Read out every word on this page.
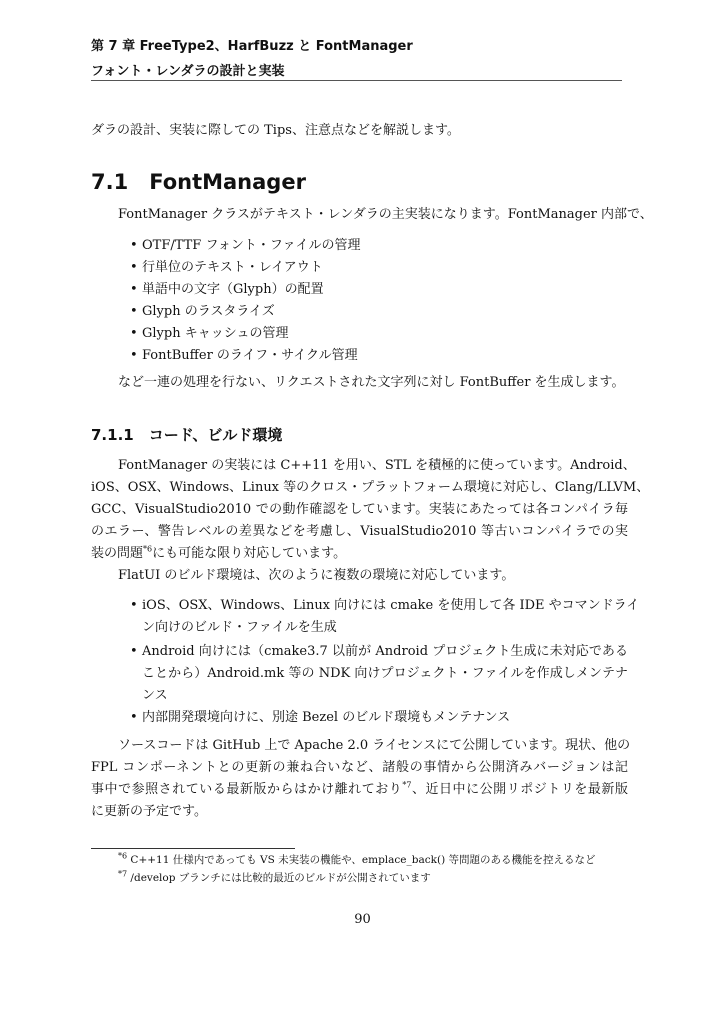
第 7 章 FreeType2、HarfBuzz と FontManager
フォント・レンダラの設計と実装
ダラの設計、実装に際しての Tips、注意点などを解説します。
7.1　FontManager
FontManager クラスがテキスト・レンダラの主実装になります。FontManager 内部で、
• OTF/TTF フォント・ファイルの管理
• 行単位のテキスト・レイアウト
• 単語中の文字（Glyph）の配置
• Glyph のラスタライズ
• Glyph キャッシュの管理
• FontBuffer のライフ・サイクル管理
など一連の処理を行ない、リクエストされた文字列に対し FontBuffer を生成します。
7.1.1　コード、ビルド環境
FontManager の実装には C++11 を用い、STL を積極的に使っています。Android、
iOS、OSX、Windows、Linux 等のクロス・プラットフォーム環境に対応し、Clang/LLVM、
GCC、VisualStudio2010 での動作確認をしています。実装にあたっては各コンパイラ毎
のエラー、警告レベルの差異などを考慮し、VisualStudio2010 等古いコンパイラでの実
装の問題$^{*6}$にも可能な限り対応しています。
FlatUI のビルド環境は、次のように複数の環境に対応しています。
• iOS、OSX、Windows、Linux 向けには cmake を使用して各 IDE やコマンドライ
ン向けのビルド・ファイルを生成
• Android 向けには（cmake3.7 以前が Android プロジェクト生成に未対応である
ことから）Android.mk 等の NDK 向けプロジェクト・ファイルを作成しメンテナ
ンス
• 内部開発環境向けに、別途 Bezel のビルド環境もメンテナンス
ソースコードは GitHub 上で Apache 2.0 ライセンスにて公開しています。現状、他の
FPL コンポーネントとの更新の兼ね合いなど、諸般の事情から公開済みバージョンは記
事中で参照されている最新版からはかけ離れており$^{*7}$、近日中に公開リポジトリを最新版
に更新の予定です。
$^{*6}$ C++11 仕様内であっても VS 未実装の機能や、emplace_back() 等問題のある機能を控えるなど
$^{*7}$ /develop ブランチには比較的最近のビルドが公開されています
90
